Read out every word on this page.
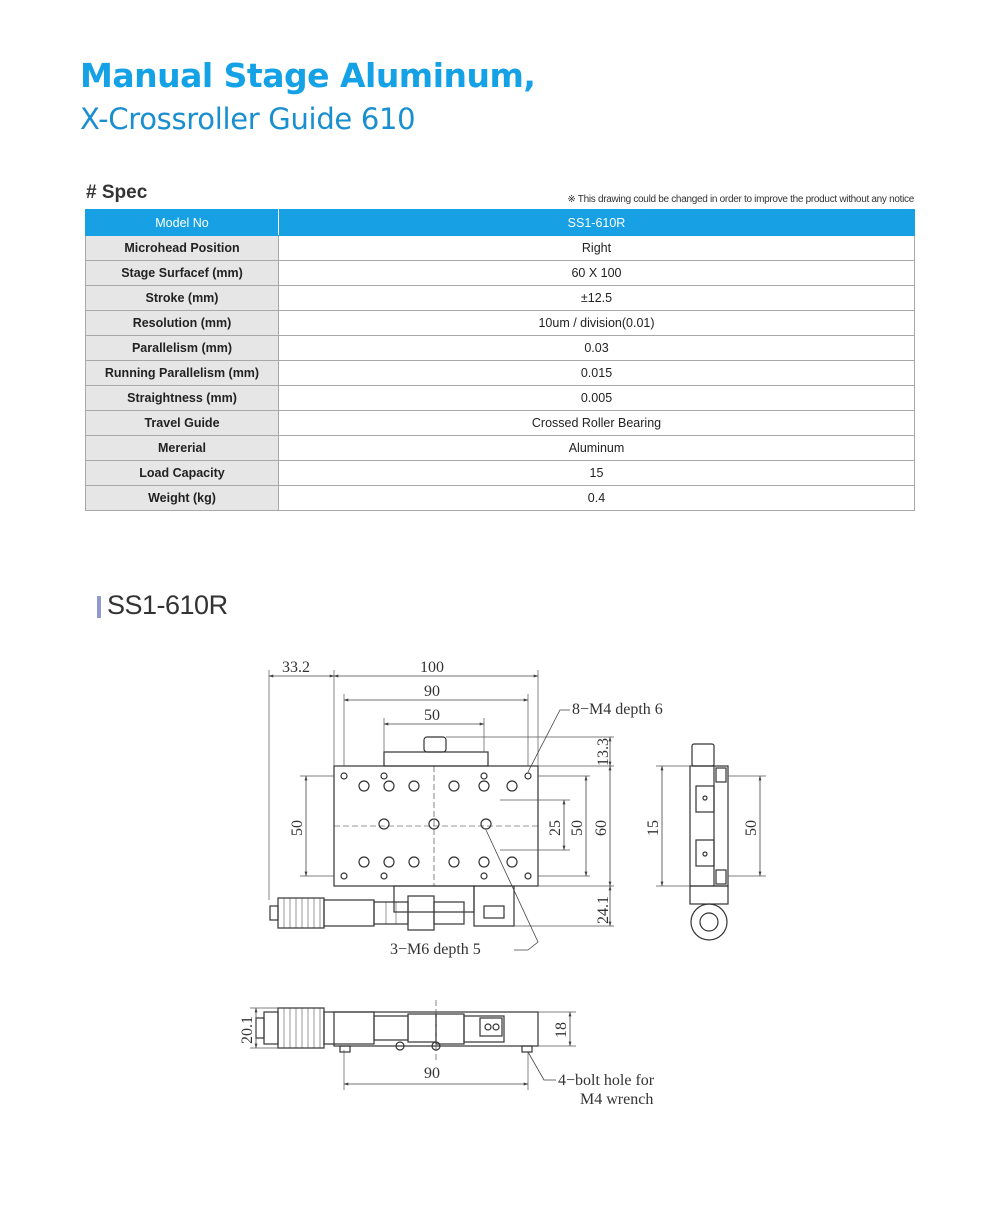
Manual Stage Aluminum,
X-Crossroller Guide 610
# Spec	※ This drawing could be changed in order to improve the product without any notice
Model No	SS1-610R
Microhead Position	Right
Stage Surfacef (mm)	60 X 100
Stroke (mm)	±12.5
Resolution (mm)	10um / division(0.01)
Parallelism (mm)	0.03
Running Parallelism (mm)	0.015
Straightness (mm)	0.005
Travel Guide	Crossed Roller Bearing
Mererial	Aluminum
Load Capacity	15
Weight (kg)	0.4
SS1-610R
33.2	100
90
50	8−M4 depth 6
13.3
50	25 50 60
24.1
3−M6 depth 5
15	50
20.1	18
90	4−bolt hole for
M4 wrench
